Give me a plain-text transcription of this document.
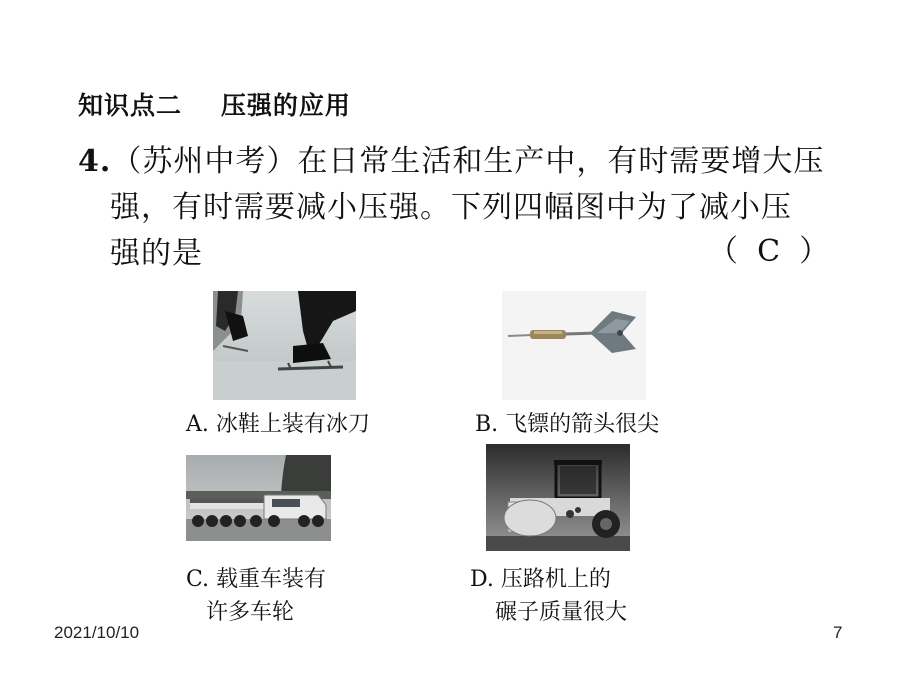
知识点二    压强的应用
4.（苏州中考）在日常生活和生产中，有时需要增大压
强，有时需要减小压强。下列四幅图中为了减小压
强的是	（  C  ）
A. 冰鞋上装有冰刀	B. 飞镖的箭头很尖
C. 载重车装有
许多车轮
D. 压路机上的
碾子质量很大
2021/10/10	7
